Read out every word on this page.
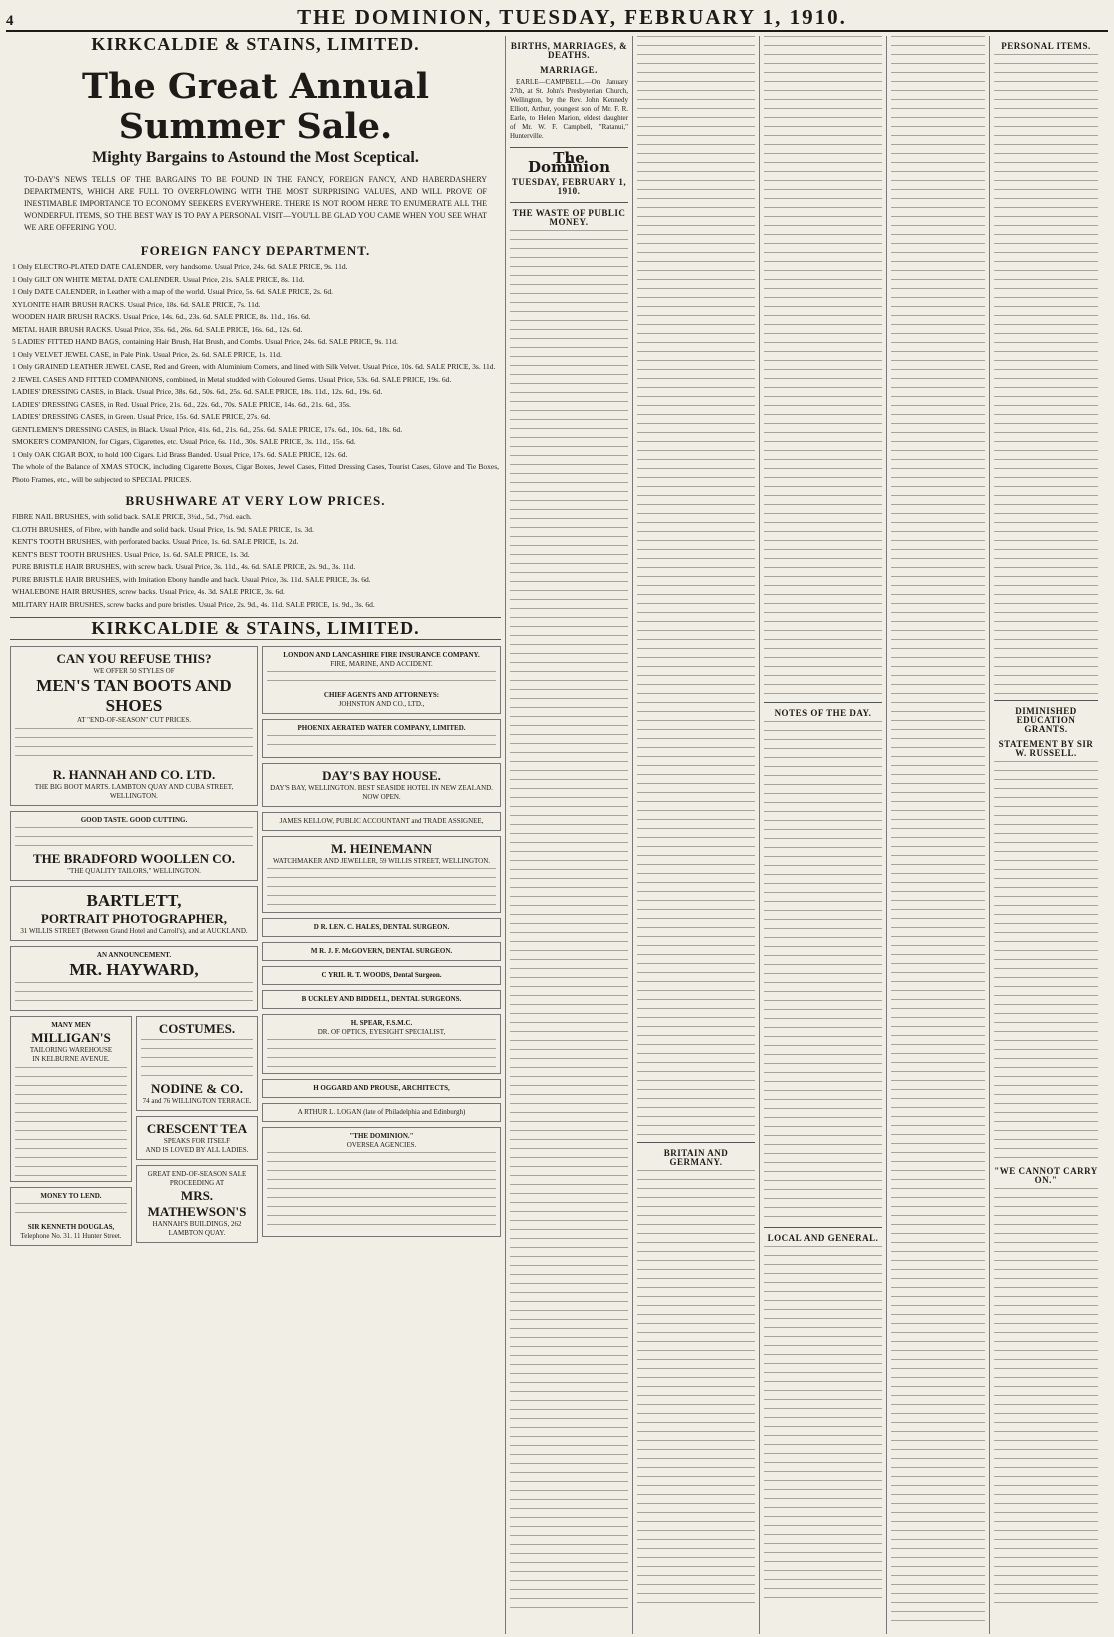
4	THE DOMINION, TUESDAY, FEBRUARY 1, 1910.
KIRKCALDIE & STAINS, LIMITED.
The Great Annual Summer Sale.
Mighty Bargains to Astound the Most Sceptical.
TO-DAY'S NEWS TELLS OF THE BARGAINS TO BE FOUND IN THE FANCY, FOREIGN FANCY, AND HABERDASHERY DEPARTMENTS, WHICH ARE FULL TO OVERFLOWING WITH THE MOST SURPRISING VALUES, AND WILL PROVE OF INESTIMABLE IMPORTANCE TO ECONOMY SEEKERS EVERYWHERE. THERE IS NOT ROOM HERE TO ENUMERATE ALL THE WONDERFUL ITEMS, SO THE BEST WAY IS TO PAY A PERSONAL VISIT—YOU'LL BE GLAD YOU CAME WHEN YOU SEE WHAT WE ARE OFFERING YOU.
FOREIGN FANCY DEPARTMENT.
1 Only ELECTRO-PLATED DATE CALENDER, very handsome. Usual Price, 24s. 6d. SALE PRICE, 9s. 11d.
1 Only GILT ON WHITE METAL DATE CALENDER. Usual Price, 21s. SALE PRICE, 8s. 11d.
1 Only DATE CALENDER, in Leather with a map of the world. Usual Price, 5s. 6d. SALE PRICE, 2s. 6d.
XYLONITE HAIR BRUSH RACKS. Usual Price, 18s. 6d. SALE PRICE, 7s. 11d.
WOODEN HAIR BRUSH RACKS. Usual Price, 14s. 6d., 23s. 6d. SALE PRICE, 8s. 11d., 16s. 6d.
METAL HAIR BRUSH RACKS. Usual Price, 35s. 6d., 26s. 6d. SALE PRICE, 16s. 6d., 12s. 6d.
5 LADIES' FITTED HAND BAGS, containing Hair Brush, Hat Brush, and Combs. Usual Price, 24s. 6d. SALE PRICE, 9s. 11d.
1 Only VELVET JEWEL CASE, in Pale Pink. Usual Price, 2s. 6d. SALE PRICE, 1s. 11d.
1 Only GRAINED LEATHER JEWEL CASE, Red and Green, with Aluminium Corners, and lined with Silk Velvet. Usual Price, 10s. 6d. SALE PRICE, 3s. 11d.
2 JEWEL CASES AND FITTED COMPANIONS, combined, in Metal studded with Coloured Gems. Usual Price, 53s. 6d. SALE PRICE, 19s. 6d.
LADIES' DRESSING CASES, in Black. Usual Price, 38s. 6d., 50s. 6d., 25s. 6d. SALE PRICE, 18s. 11d., 12s. 6d., 19s. 6d.
LADIES' DRESSING CASES, in Red. Usual Price, 21s. 6d., 22s. 6d., 70s. SALE PRICE, 14s. 6d., 21s. 6d., 35s.
LADIES' DRESSING CASES, in Green. Usual Price, 15s. 6d. SALE PRICE, 27s. 6d.
GENTLEMEN'S DRESSING CASES, in Black. Usual Price, 41s. 6d., 21s. 6d., 25s. 6d. SALE PRICE, 17s. 6d., 10s. 6d., 18s. 6d.
SMOKER'S COMPANION, for Cigars, Cigarettes, etc. Usual Price, 6s. 11d., 30s. SALE PRICE, 3s. 11d., 15s. 6d.
1 Only OAK CIGAR BOX, to hold 100 Cigars. Lid Brass Banded. Usual Price, 17s. 6d. SALE PRICE, 12s. 6d.
The whole of the Balance of XMAS STOCK, including Cigarette Boxes, Cigar Boxes, Jewel Cases, Fitted Dressing Cases, Tourist Cases, Glove and Tie Boxes, Photo Frames, etc., will be subjected to SPECIAL PRICES.
BRUSHWARE AT VERY LOW PRICES.
FIBRE NAIL BRUSHES, with solid back. SALE PRICE, 3½d., 5d., 7½d. each.
CLOTH BRUSHES, of Fibre, with handle and solid back. Usual Price, 1s. 9d. SALE PRICE, 1s. 3d.
KENT'S TOOTH BRUSHES, with perforated backs. Usual Price, 1s. 6d. SALE PRICE, 1s. 2d.
KENT'S BEST TOOTH BRUSHES. Usual Price, 1s. 6d. SALE PRICE, 1s. 3d.
PURE BRISTLE HAIR BRUSHES, with screw back. Usual Price, 3s. 11d., 4s. 6d. SALE PRICE, 2s. 9d., 3s. 11d.
PURE BRISTLE HAIR BRUSHES, with Imitation Ebony handle and back. Usual Price, 3s. 11d. SALE PRICE, 3s. 6d.
WHALEBONE HAIR BRUSHES, screw backs. Usual Price, 4s. 3d. SALE PRICE, 3s. 6d.
MILITARY HAIR BRUSHES, screw backs and pure bristles. Usual Price, 2s. 9d., 4s. 11d. SALE PRICE, 1s. 9d., 3s. 6d.
KIRKCALDIE & STAINS, LIMITED.
CAN YOU REFUSE THIS?
WE OFFER 50 STYLES OF
MEN'S TAN BOOTS AND SHOES
AT "END-OF-SEASON" CUT PRICES.
R. HANNAH AND CO. LTD.
THE BIG BOOT MARTS. LAMBTON QUAY AND CUBA STREET, WELLINGTON.
GOOD TASTE. GOOD CUTTING.
THE BRADFORD WOOLLEN CO.
"THE QUALITY TAILORS," WELLINGTON.
BARTLETT,
PORTRAIT PHOTOGRAPHER,
31 WILLIS STREET (Between Grand Hotel and Carroll's), and at AUCKLAND.
AN ANNOUNCEMENT.
MR. HAYWARD,
MANY MEN
MILLIGAN'S
TAILORING WAREHOUSE
IN KELBURNE AVENUE.
MONEY TO LEND.
SIR KENNETH DOUGLAS,
Telephone No. 31. 11 Hunter Street.
COSTUMES.
NODINE & CO.
74 and 76 WILLINGTON TERRACE.
CRESCENT TEA
SPEAKS FOR ITSELF
AND IS LOVED BY ALL LADIES.
GREAT END-OF-SEASON SALE PROCEEDING AT
MRS. MATHEWSON'S
HANNAH'S BUILDINGS, 262 LAMBTON QUAY.
LONDON AND LANCASHIRE FIRE INSURANCE COMPANY.
FIRE, MARINE, AND ACCIDENT.
CHIEF AGENTS AND ATTORNEYS:
JOHNSTON AND CO., LTD.,
PHOENIX AERATED WATER COMPANY, LIMITED.
DAY'S BAY HOUSE.
DAY'S BAY, WELLINGTON. BEST SEASIDE HOTEL IN NEW ZEALAND. NOW OPEN.
JAMES KELLOW, PUBLIC ACCOUNTANT and TRADE ASSIGNEE,
M. HEINEMANN
WATCHMAKER AND JEWELLER, 59 WILLIS STREET, WELLINGTON.
D R. LEN. C. HALES, DENTAL SURGEON.
M R. J. F. McGOVERN, DENTAL SURGEON.
C YRIL R. T. WOODS, Dental Surgeon.
B UCKLEY AND BIDDELL, DENTAL SURGEONS.
H. SPEAR, F.S.M.C.
DR. OF OPTICS, EYESIGHT SPECIALIST,
H OGGARD AND PROUSE, ARCHITECTS,
A RTHUR L. LOGAN (late of Philadelphia and Edinburgh)
"THE DOMINION."
OVERSEA AGENCIES.
BIRTHS, MARRIAGES, & DEATHS.
MARRIAGE.

EARLE—CAMPBELL.—On January 27th, at St. John's Presbyterian Church, Wellington, by the Rev. John Kennedy Elliott, Arthur, youngest son of Mr. F. R. Earle, to Helen Marion, eldest daughter of Mr. W. F. Campbell, "Ratanui," Hunterville.

The Dominion
TUESDAY, FEBRUARY 1, 1910.
THE WASTE OF PUBLIC MONEY.
BRITAIN AND GERMANY.
NOTES OF THE DAY.
LOCAL AND GENERAL.
PERSONAL ITEMS.
DIMINISHED EDUCATION GRANTS.
STATEMENT BY SIR W. RUSSELL.
"WE CANNOT CARRY ON."
